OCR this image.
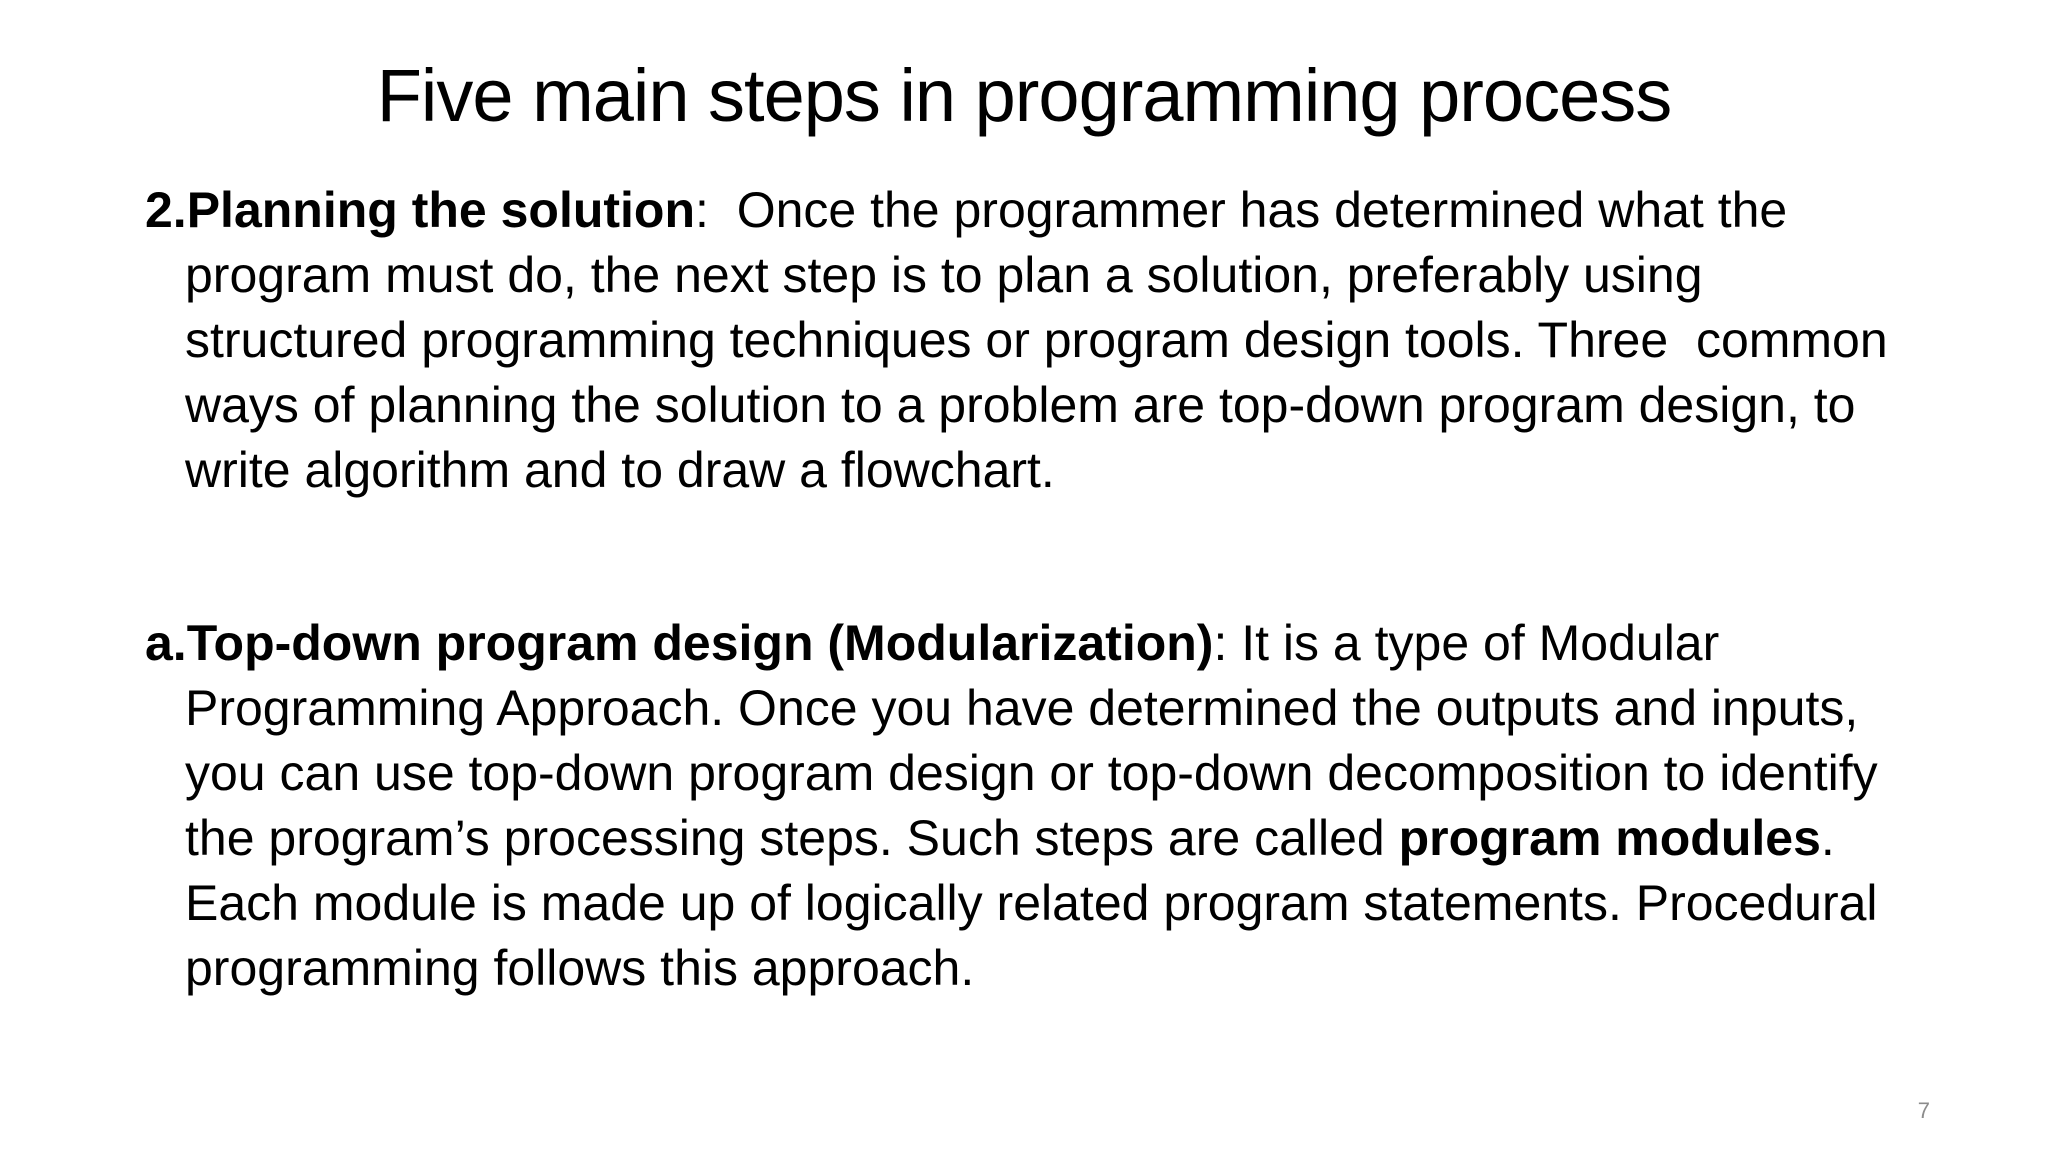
Five main steps in programming process

2.Planning the solution:  Once the programmer has determined what the program must do, the next step is to plan a solution, preferably using structured programming techniques or program design tools. Three  common ways of planning the solution to a problem are top-down program design, to write algorithm and to draw a flowchart.

a.Top-down program design (Modularization): It is a type of Modular Programming Approach. Once you have determined the outputs and inputs, you can use top-down program design or top-down decomposition to identify the program’s processing steps. Such steps are called program modules. Each module is made up of logically related program statements. Procedural programming follows this approach.

7
